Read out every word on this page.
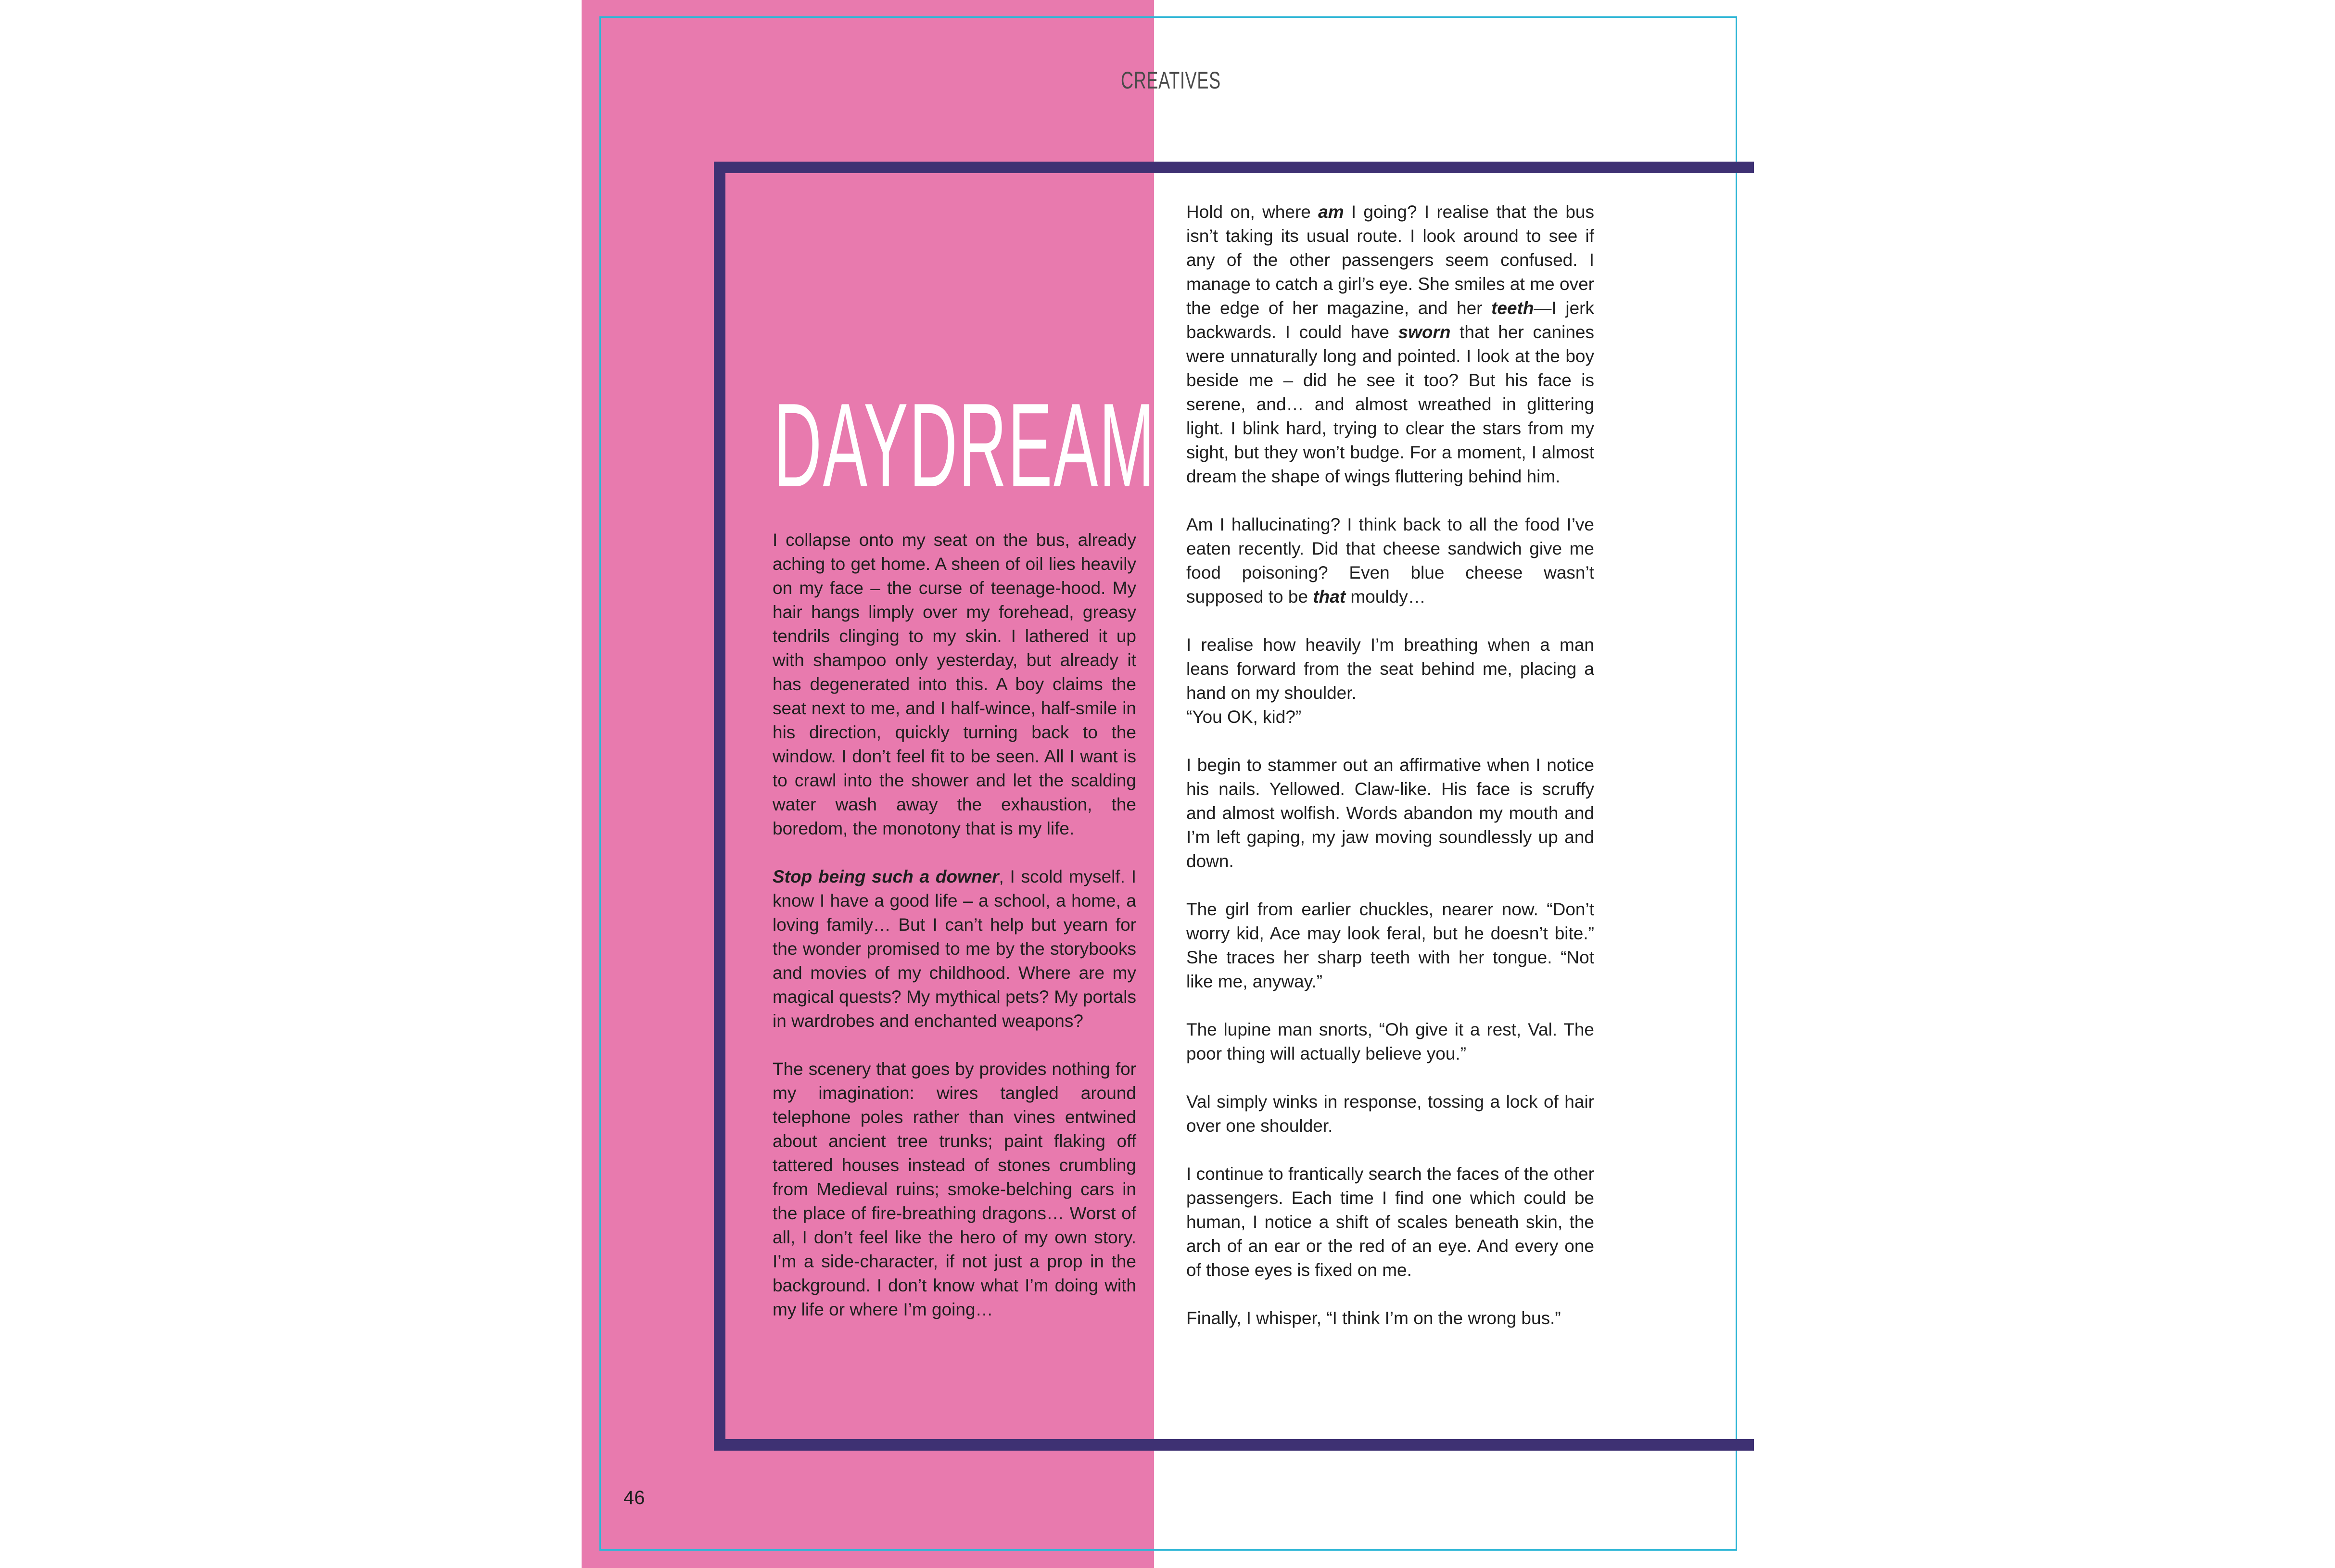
CREATIVES
DAYDREAM

I collapse onto my seat on the bus, already aching to get home. A sheen of oil lies heavily on my face – the curse of teenage-hood. My hair hangs limply over my forehead, greasy tendrils clinging to my skin. I lathered it up with shampoo only yesterday, but already it has degenerated into this. A boy claims the seat next to me, and I half-wince, half-smile in his direction, quickly turning back to the window. I don’t feel fit to be seen. All I want is to crawl into the shower and let the scalding water wash away the exhaustion, the boredom, the monotony that is my life.

Stop being such a downer, I scold myself. I know I have a good life – a school, a home, a loving family… But I can’t help but yearn for the wonder promised to me by the storybooks and movies of my childhood. Where are my magical quests? My mythical pets? My portals in wardrobes and enchanted weapons?

The scenery that goes by provides nothing for my imagination: wires tangled around telephone poles rather than vines entwined about ancient tree trunks; paint flaking off tattered houses instead of stones crumbling from Medieval ruins; smoke-belching cars in the place of fire-breathing dragons… Worst of all, I don’t feel like the hero of my own story. I’m a side-character, if not just a prop in the background. I don’t know what I’m doing with my life or where I’m going…

Hold on, where am I going? I realise that the bus isn’t taking its usual route. I look around to see if any of the other passengers seem confused. I manage to catch a girl’s eye. She smiles at me over the edge of her magazine, and her teeth—I jerk backwards. I could have sworn that her canines were unnaturally long and pointed. I look at the boy beside me – did he see it too? But his face is serene, and… and almost wreathed in glittering light. I blink hard, trying to clear the stars from my sight, but they won’t budge. For a moment, I almost dream the shape of wings fluttering behind him.

Am I hallucinating? I think back to all the food I’ve eaten recently. Did that cheese sandwich give me food poisoning? Even blue cheese wasn’t supposed to be that mouldy…

I realise how heavily I’m breathing when a man leans forward from the seat behind me, placing a hand on my shoulder.
“You OK, kid?”

I begin to stammer out an affirmative when I notice his nails. Yellowed. Claw-like. His face is scruffy and almost wolfish. Words abandon my mouth and I’m left gaping, my jaw moving soundlessly up and down.

The girl from earlier chuckles, nearer now. “Don’t worry kid, Ace may look feral, but he doesn’t bite.” She traces her sharp teeth with her tongue. “Not like me, anyway.”

The lupine man snorts, “Oh give it a rest, Val. The poor thing will actually believe you.”

Val simply winks in response, tossing a lock of hair over one shoulder.

I continue to frantically search the faces of the other passengers. Each time I find one which could be human, I notice a shift of scales beneath skin, the arch of an ear or the red of an eye. And every one of those eyes is fixed on me.

Finally, I whisper, “I think I’m on the wrong bus.”

46
